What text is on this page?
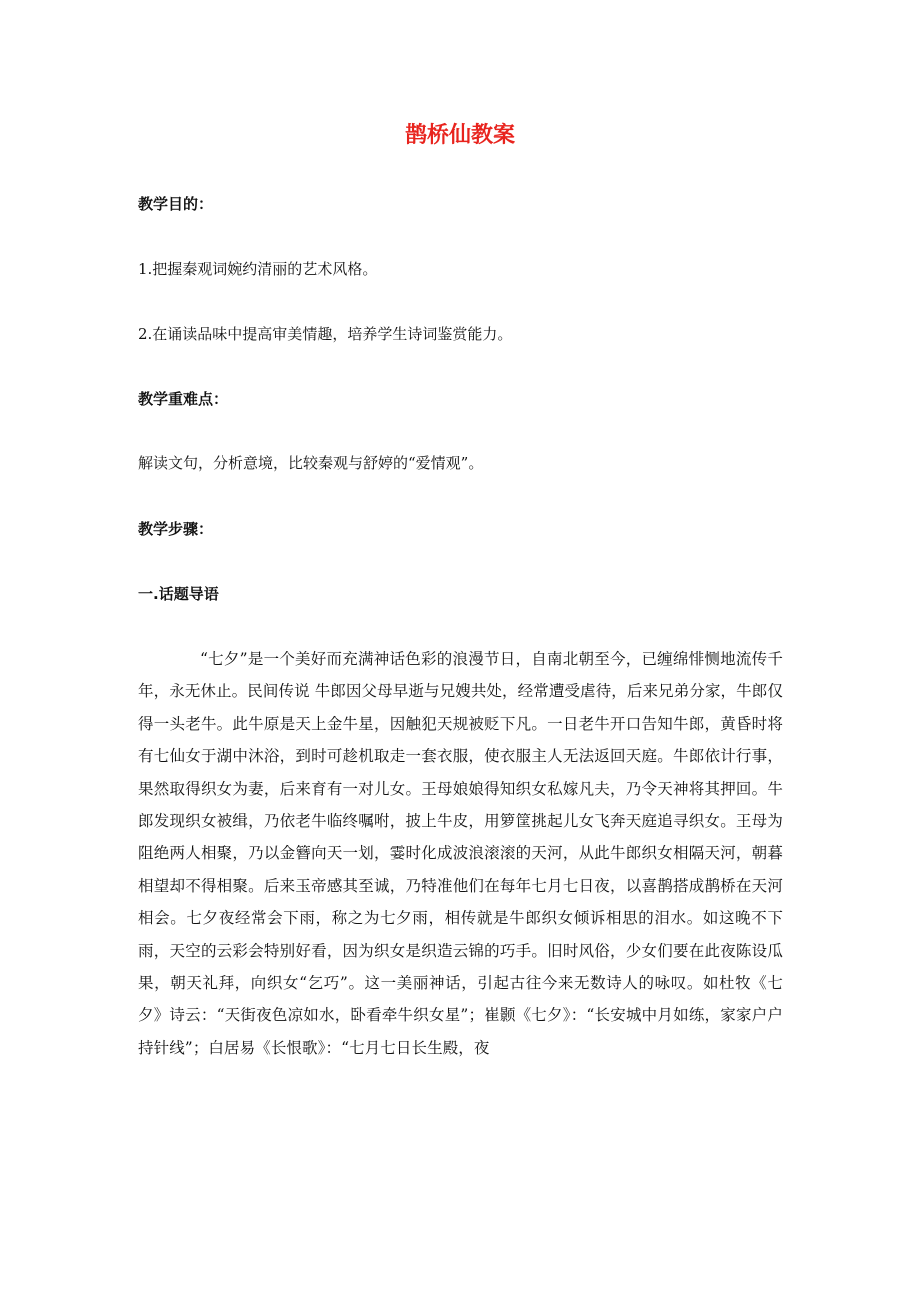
鹊桥仙教案

教学目的：

1.把握秦观词婉约清丽的艺术风格。

2.在诵读品味中提高审美情趣，培养学生诗词鉴赏能力。

教学重难点：

解读文句，分析意境，比较秦观与舒婷的“爱情观”。

教学步骤：

一.话题导语

“七夕”是一个美好而充满神话色彩的浪漫节日，自南北朝至今，已缠绵悱恻地流传千年，永无休止。民间传说 牛郎因父母早逝与兄嫂共处，经常遭受虐待，后来兄弟分家，牛郎仅得一头老牛。此牛原是天上金牛星，因触犯天规被贬下凡。一日老牛开口告知牛郎，黄昏时将有七仙女于湖中沐浴，到时可趁机取走一套衣服，使衣服主人无法返回天庭。牛郎依计行事，果然取得织女为妻，后来育有一对儿女。王母娘娘得知织女私嫁凡夫，乃令天神将其押回。牛郎发现织女被缉，乃依老牛临终嘱咐，披上牛皮，用箩筐挑起儿女飞奔天庭追寻织女。王母为阻绝两人相聚，乃以金簪向天一划，霎时化成波浪滚滚的天河，从此牛郎织女相隔天河，朝暮相望却不得相聚。后来玉帝感其至诚，乃特准他们在每年七月七日夜，以喜鹊搭成鹊桥在天河相会。七夕夜经常会下雨，称之为七夕雨，相传就是牛郎织女倾诉相思的泪水。如这晚不下雨，天空的云彩会特别好看，因为织女是织造云锦的巧手。旧时风俗，少女们要在此夜陈设瓜果，朝天礼拜，向织女“乞巧”。这一美丽神话，引起古往今来无数诗人的咏叹。如杜牧《七夕》诗云：“天街夜色凉如水，卧看牵牛织女星”；崔颢《七夕》：“长安城中月如练，家家户户持针线”；白居易《长恨歌》：“七月七日长生殿，夜
